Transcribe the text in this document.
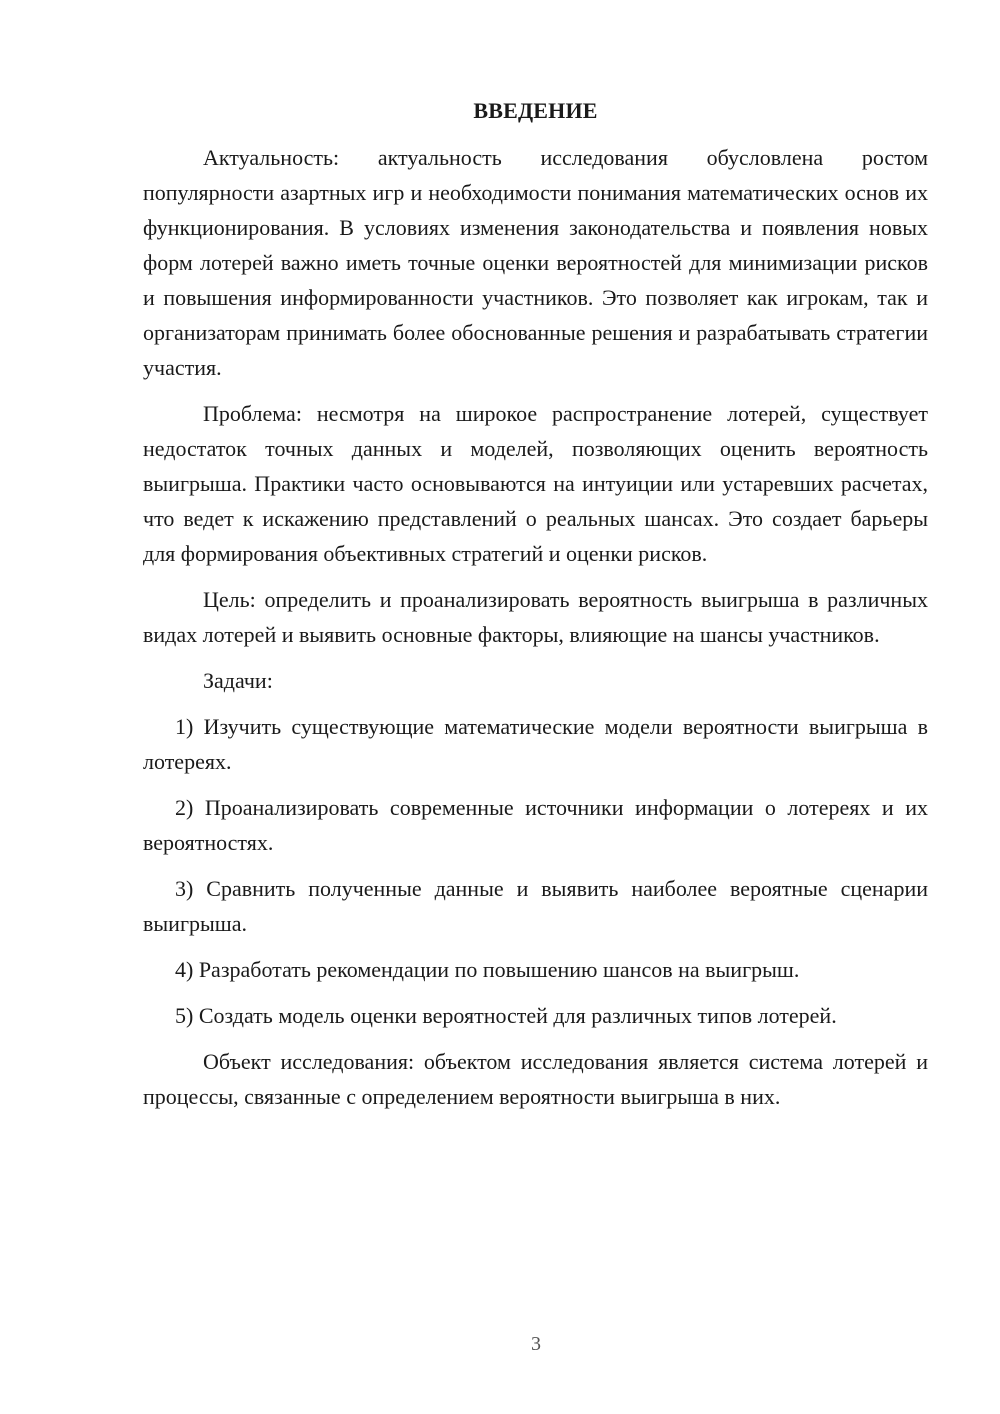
ВВЕДЕНИЕ

Актуальность: актуальность исследования обусловлена ростом популярности азартных игр и необходимости понимания математических основ их функционирования. В условиях изменения законодательства и появления новых форм лотерей важно иметь точные оценки вероятностей для минимизации рисков и повышения информированности участников. Это позволяет как игрокам, так и организаторам принимать более обоснованные решения и разрабатывать стратегии участия.

Проблема: несмотря на широкое распространение лотерей, существует недостаток точных данных и моделей, позволяющих оценить вероятность выигрыша. Практики часто основываются на интуиции или устаревших расчетах, что ведет к искажению представлений о реальных шансах. Это создает барьеры для формирования объективных стратегий и оценки рисков.

Цель: определить и проанализировать вероятность выигрыша в различных видах лотерей и выявить основные факторы, влияющие на шансы участников.

Задачи:

1) Изучить существующие математические модели вероятности выигрыша в лотереях.

2) Проанализировать современные источники информации о лотереях и их вероятностях.

3) Сравнить полученные данные и выявить наиболее вероятные сценарии выигрыша.

4) Разработать рекомендации по повышению шансов на выигрыш.

5) Создать модель оценки вероятностей для различных типов лотерей.

Объект исследования: объектом исследования является система лотерей и процессы, связанные с определением вероятности выигрыша в них.

3
